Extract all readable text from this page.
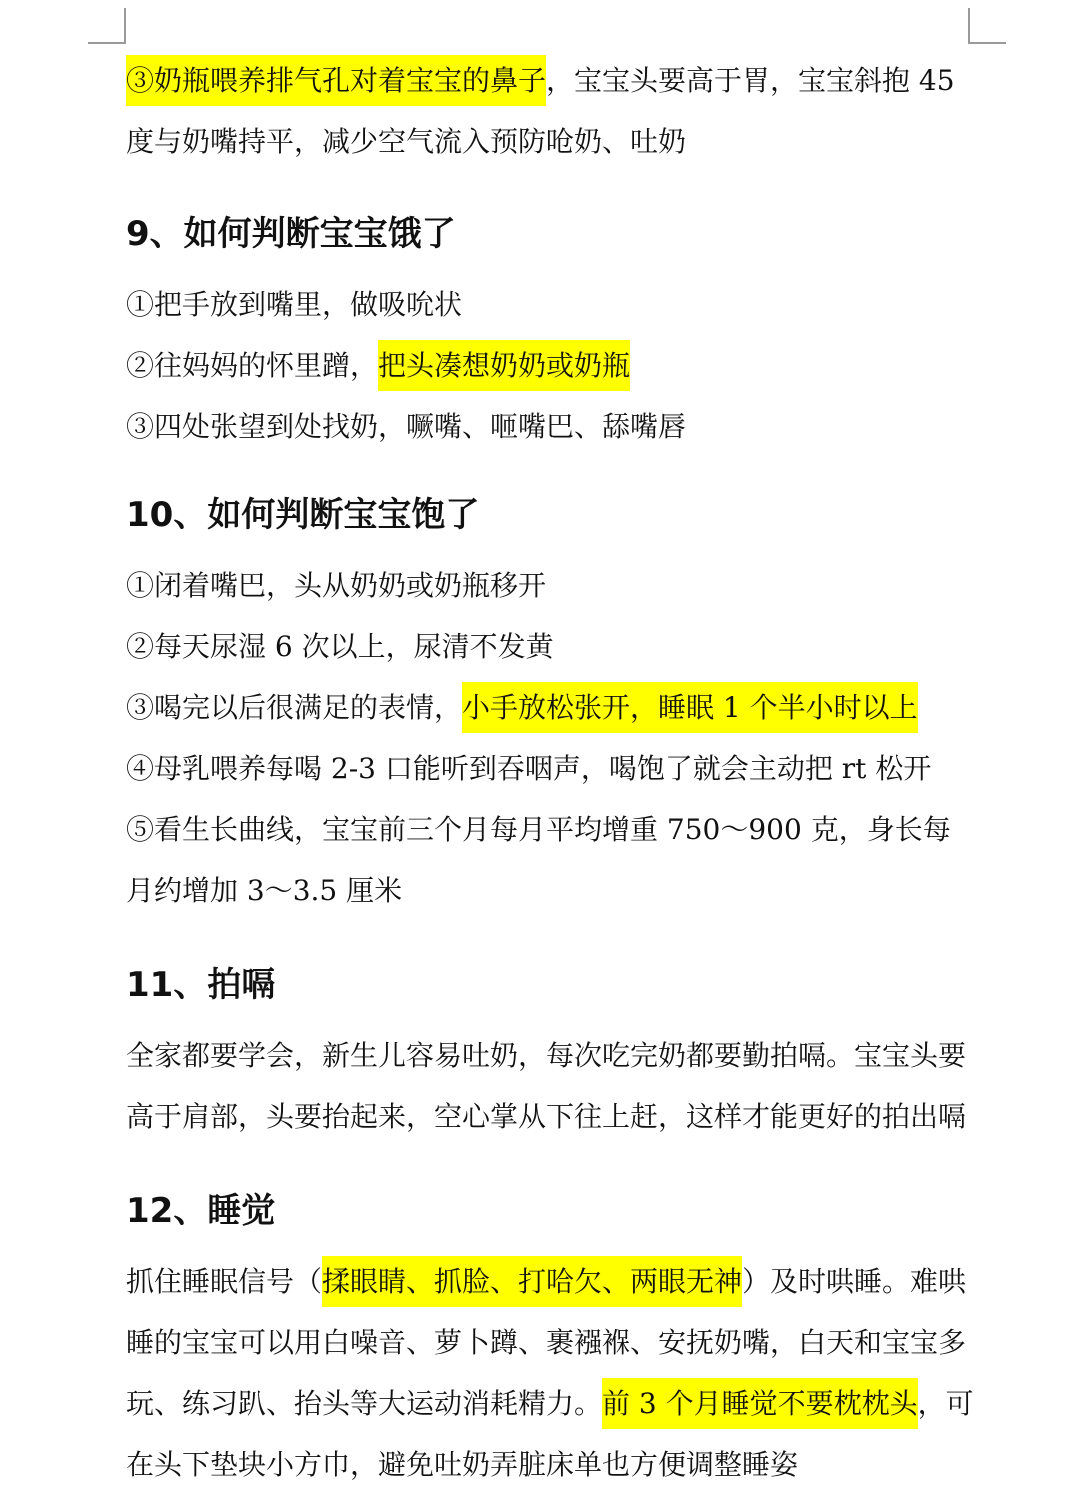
③奶瓶喂养排气孔对着宝宝的鼻子，宝宝头要高于胃，宝宝斜抱 45 度与奶嘴持平，减少空气流入预防呛奶、吐奶

9、如何判断宝宝饿了

①把手放到嘴里，做吸吮状

②往妈妈的怀里蹭，把头凑想奶奶或奶瓶

③四处张望到处找奶，噘嘴、咂嘴巴、舔嘴唇

10、如何判断宝宝饱了

①闭着嘴巴，头从奶奶或奶瓶移开

②每天尿湿 6 次以上，尿清不发黄

③喝完以后很满足的表情，小手放松张开，睡眠 1 个半小时以上

④母乳喂养每喝 2-3 口能听到吞咽声，喝饱了就会主动把 rt 松开

⑤看生长曲线，宝宝前三个月每月平均增重 750～900 克，身长每月约增加 3～3.5 厘米

11、拍嗝

全家都要学会，新生儿容易吐奶，每次吃完奶都要勤拍嗝。宝宝头要高于肩部，头要抬起来，空心掌从下往上赶，这样才能更好的拍出嗝

12、睡觉

抓住睡眠信号（揉眼睛、抓脸、打哈欠、两眼无神）及时哄睡。难哄睡的宝宝可以用白噪音、萝卜蹲、裹襁褓、安抚奶嘴，白天和宝宝多玩、练习趴、抬头等大运动消耗精力。前 3 个月睡觉不要枕枕头，可在头下垫块小方巾，避免吐奶弄脏床单也方便调整睡姿
